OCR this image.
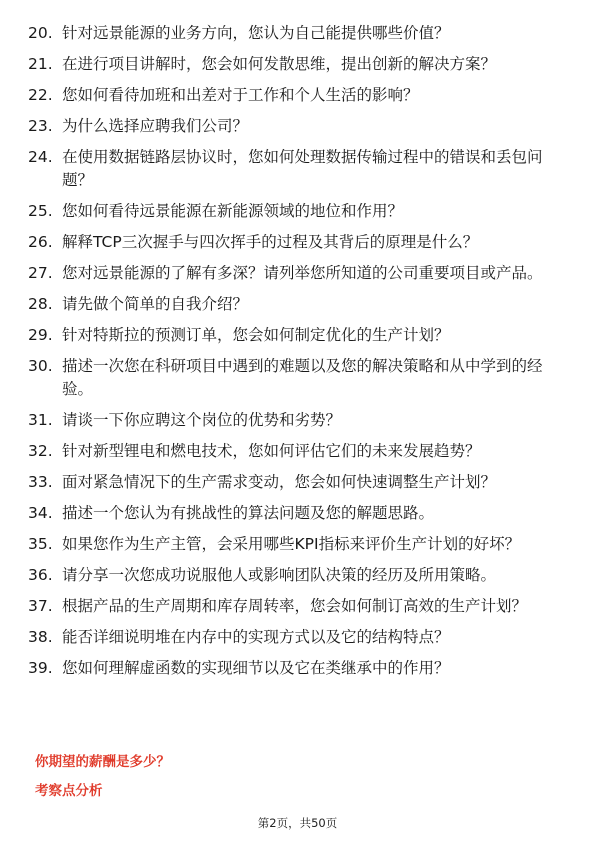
20. 针对远景能源的业务方向，您认为自己能提供哪些价值？
21. 在进行项目讲解时，您会如何发散思维，提出创新的解决方案？
22. 您如何看待加班和出差对于工作和个人生活的影响？
23. 为什么选择应聘我们公司？
24. 在使用数据链路层协议时，您如何处理数据传输过程中的错误和丢包问题？
25. 您如何看待远景能源在新能源领域的地位和作用？
26. 解释TCP三次握手与四次挥手的过程及其背后的原理是什么？
27. 您对远景能源的了解有多深？请列举您所知道的公司重要项目或产品。
28. 请先做个简单的自我介绍？
29. 针对特斯拉的预测订单，您会如何制定优化的生产计划？
30. 描述一次您在科研项目中遇到的难题以及您的解决策略和从中学到的经验。
31. 请谈一下你应聘这个岗位的优势和劣势？
32. 针对新型锂电和燃电技术，您如何评估它们的未来发展趋势？
33. 面对紧急情况下的生产需求变动，您会如何快速调整生产计划？
34. 描述一个您认为有挑战性的算法问题及您的解题思路。
35. 如果您作为生产主管，会采用哪些KPI指标来评价生产计划的好坏？
36. 请分享一次您成功说服他人或影响团队决策的经历及所用策略。
37. 根据产品的生产周期和库存周转率，您会如何制订高效的生产计划？
38. 能否详细说明堆在内存中的实现方式以及它的结构特点？
39. 您如何理解虚函数的实现细节以及它在类继承中的作用？

你期望的薪酬是多少？

考察点分析

第2页，共50页
